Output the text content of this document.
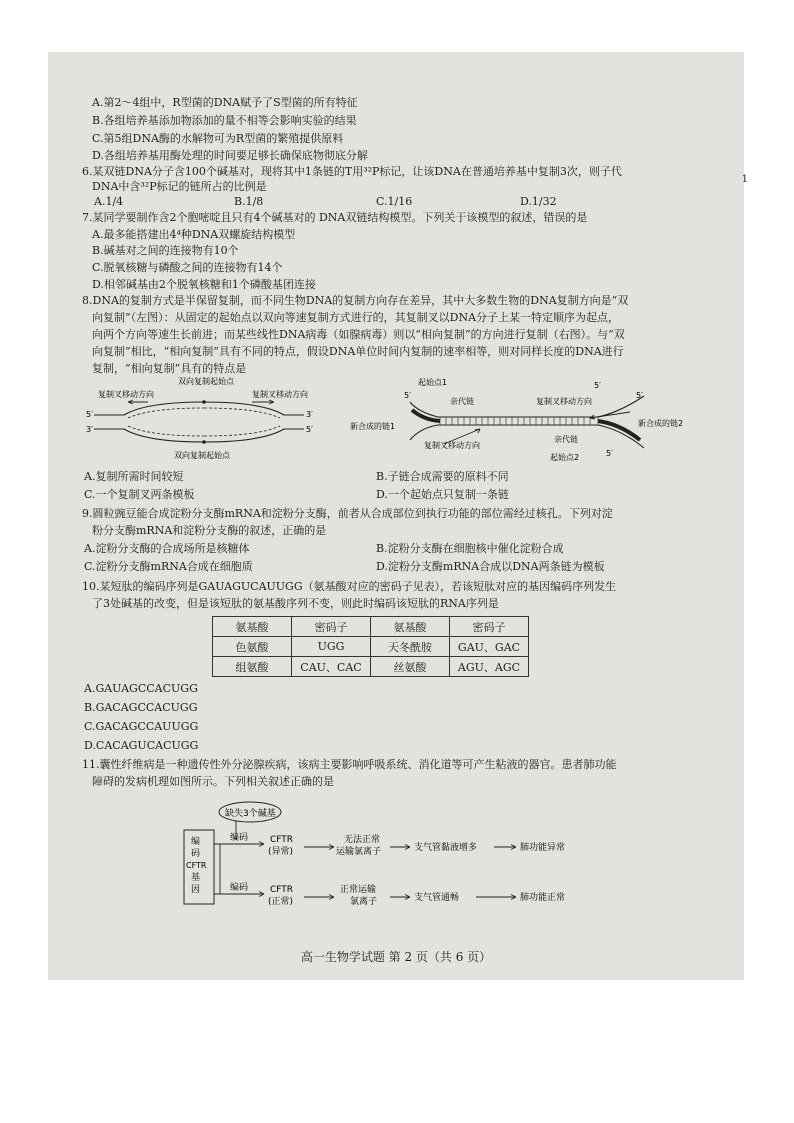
A.第2～4组中，R型菌的DNA赋予了S型菌的所有特征
B.各组培养基添加物添加的量不相等会影响实验的结果
C.第5组DNA酶的水解物可为R型菌的繁殖提供原料
D.各组培养基用酶处理的时间要足够长确保底物彻底分解
6.某双链DNA分子含100个碱基对，现将其中1条链的T用³²P标记，让该DNA在普通培养基中复制3次，则子代
DNA中含³²P标记的链所占的比例是
A.1/4	B.1/8	C.1/16	D.1/32
1
7.某同学要制作含2个胞嘧啶且只有4个碱基对的 DNA双链结构模型。下列关于该模型的叙述，错误的是
A.最多能搭建出4⁴种DNA双螺旋结构模型
B.碱基对之间的连接物有10个
C.脱氧核糖与磷酸之间的连接物有14个
D.相邻碱基由2个脱氧核糖和1个磷酸基团连接
8.DNA的复制方式是半保留复制，而不同生物DNA的复制方向存在差异，其中大多数生物的DNA复制方向是“双
向复制”（左图）：从固定的起始点以双向等速复制方式进行的，其复制叉以DNA分子上某一特定顺序为起点，
向两个方向等速生长前进；而某些线性DNA病毒（如腺病毒）则以“相向复制”的方向进行复制（右图）。与“双
向复制”相比，“相向复制”具有不同的特点，假设DNA单位时间内复制的速率相等，则对同样长度的DNA进行
复制，“相向复制”具有的特点是
双向复制起始点
复制叉移动方向	复制叉移动方向
5′
3′
3′
5′
双向复制起始点
起始点1
5′
亲代链	复制叉移动方向
5′
5′
新合成的链2
新合成的链1
复制叉移动方向
亲代链
起始点2	5′
A.复制所需时间较短	B.子链合成需要的原料不同
C.一个复制叉两条模板	D.一个起始点只复制一条链
9.圆粒豌豆能合成淀粉分支酶mRNA和淀粉分支酶，前者从合成部位到执行功能的部位需经过核孔。下列对淀
粉分支酶mRNA和淀粉分支酶的叙述，正确的是
A.淀粉分支酶的合成场所是核糖体	B.淀粉分支酶在细胞核中催化淀粉合成
C.淀粉分支酶mRNA合成在细胞质	D.淀粉分支酶mRNA合成以DNA两条链为模板
10.某短肽的编码序列是GAUAGUCAUUGG（氨基酸对应的密码子见表），若该短肽对应的基因编码序列发生
了3处碱基的改变，但是该短肽的氨基酸序列不变，则此时编码该短肽的RNA序列是
氨基酸	密码子	氨基酸	密码子
色氨酸	UGG	天冬酰胺	GAU、GAC
组氨酸	CAU、CAC	丝氨酸	AGU、AGC
A.GAUAGCCACUGG
B.GACAGCCACUGG
C.GACAGCCAUUGG
D.CACAGUCACUGG
11.囊性纤维病是一种遗传性外分泌腺疾病，该病主要影响呼吸系统、消化道等可产生粘液的器官。患者肺功能
障碍的发病机理如图所示。下列相关叙述正确的是
缺失3个碱基
编
码
CFTR
基
因
编码
编码
CFTR
(异常)
CFTR
(正常)
无法正常
运输氯离子
正常运输
氯离子
支气管黏液增多
支气管通畅
肺功能异常
肺功能正常
高一生物学试题 第 2 页（共 6 页）
